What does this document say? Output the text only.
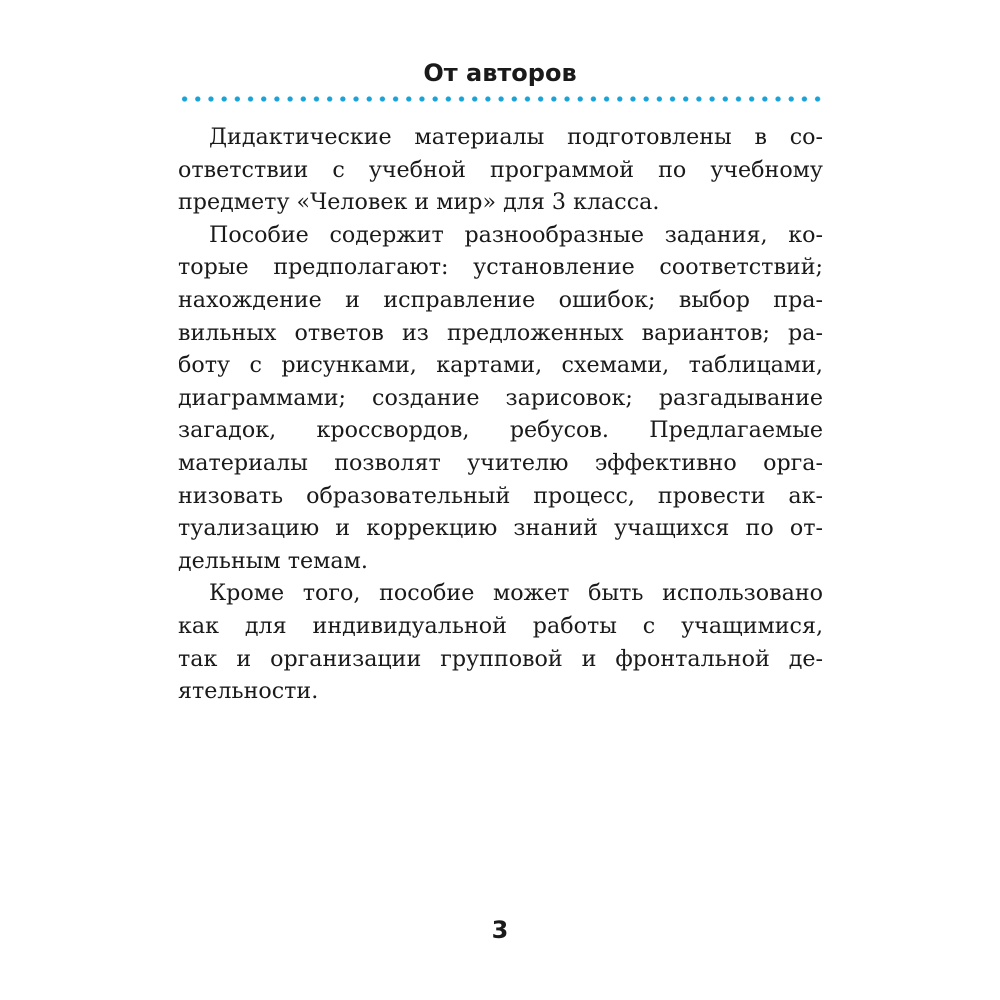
От авторов
Дидактические материалы подготовлены в со-
ответствии с учебной программой по учебному
предмету «Человек и мир» для 3 класса.
Пособие содержит разнообразные задания, ко-
торые предполагают: установление соответствий;
нахождение и исправление ошибок; выбор пра-
вильных ответов из предложенных вариантов; ра-
боту с рисунками, картами, схемами, таблицами,
диаграммами; создание зарисовок; разгадывание
загадок, кроссвордов, ребусов. Предлагаемые
материалы позволят учителю эффективно орга-
низовать образовательный процесс, провести ак-
туализацию и коррекцию знаний учащихся по от-
дельным темам.
Кроме того, пособие может быть использовано
как для индивидуальной работы с учащимися,
так и организации групповой и фронтальной де-
ятельности.
3
